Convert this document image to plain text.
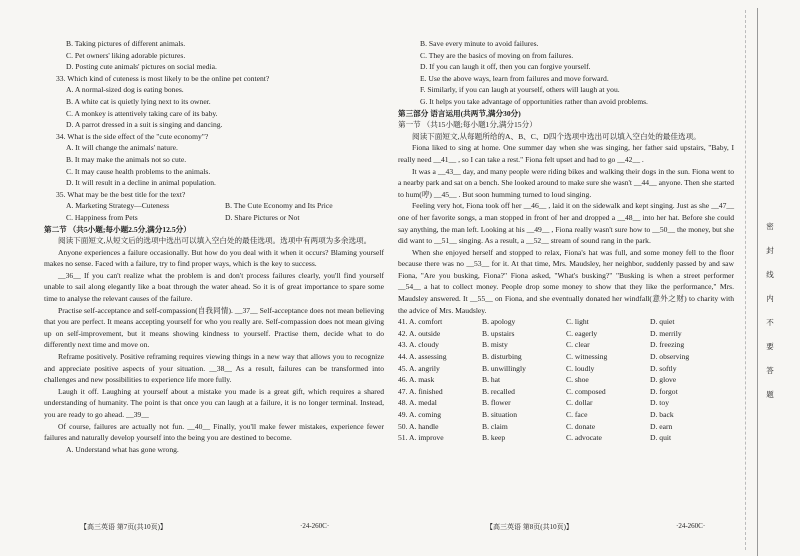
B. Taking pictures of different animals.
C. Pet owners' liking adorable pictures.
D. Posting cute animals' pictures on social media.
33. Which kind of cuteness is most likely to be the online pet content?
A. A normal-sized dog is eating bones.
B. A white cat is quietly lying next to its owner.
C. A monkey is attentively taking care of its baby.
D. A parrot dressed in a suit is singing and dancing.
34. What is the side effect of the "cute economy"?
A. It will change the animals' nature.
B. It may make the animals not so cute.
C. It may cause health problems to the animals.
D. It will result in a decline in animal population.
35. What may be the best title for the text?
A. Marketing Strategy—Cuteness	B. The Cute Economy and Its Price
C. Happiness from Pets	D. Share Pictures or Not
第二节 （共5小题;每小题2.5分,满分12.5分）
阅读下面短文,从短文后的选项中选出可以填入空白处的最佳选项。选项中有两项为多余选项。
Anyone experiences a failure occasionally. But how do you deal with it when it occurs? Blaming yourself makes no sense. Faced with a failure, try to find proper ways, which is the key to success.
__36__ If you can't realize what the problem is and don't process failures clearly, you'll find yourself unable to sail along elegantly like a boat through the water ahead. So it is of great importance to spare some time to analyse the relevant causes of the failure.
Practise self-acceptance and self-compassion(自我同情). __37__ Self-acceptance does not mean believing that you are perfect. It means accepting yourself for who you really are. Self-compassion does not mean giving up on self-improvement, but it means showing kindness to yourself. Practise them, decide what to do differently next time and move on.
Reframe positively. Positive reframing requires viewing things in a new way that allows you to recognize and appreciate positive aspects of your situation. __38__ As a result, failures can be transformed into challenges and new possibilities to experience life more fully.
Laugh it off. Laughing at yourself about a mistake you made is a great gift, which requires a shared understanding of humanity. The point is that once you can laugh at a failure, it is no longer terminal. Instead, you are ready to go ahead. __39__
Of course, failures are actually not fun. __40__ Finally, you'll make fewer mistakes, experience fewer failures and naturally develop yourself into the being you are destined to become.
A. Understand what has gone wrong.
B. Save every minute to avoid failures.
C. They are the basics of moving on from failures.
D. If you can laugh it off, then you can forgive yourself.
E. Use the above ways, learn from failures and move forward.
F. Similarly, if you can laugh at yourself, others will laugh at you.
G. It helps you take advantage of opportunities rather than avoid problems.
第三部分 语言运用(共两节,满分30分)
第一节 （共15小题;每小题1分,满分15分）
阅读下面短文,从每题所给的A、B、C、D四个选项中选出可以填入空白处的最佳选项。
Fiona liked to sing at home. One summer day when she was singing, her father said upstairs, "Baby, I really need __41__ , so I can take a rest." Fiona felt upset and had to go __42__ .
It was a __43__ day, and many people were riding bikes and walking their dogs in the sun. Fiona went to a nearby park and sat on a bench. She looked around to make sure she wasn't __44__ anyone. Then she started to hum(哼) __45__ . But soon humming turned to loud singing.
Feeling very hot, Fiona took off her __46__ , laid it on the sidewalk and kept singing. Just as she __47__ one of her favorite songs, a man stopped in front of her and dropped a __48__ into her hat. Before she could say anything, the man left. Looking at his __49__ , Fiona really wasn't sure how to __50__ the money, but she did want to __51__ singing. As a result, a __52__ stream of sound rang in the park.
When she enjoyed herself and stopped to relax, Fiona's hat was full, and some money fell to the floor because there was no __53__ for it. At that time, Mrs. Maudsley, her neighbor, suddenly passed by and saw Fiona, "Are you busking, Fiona?" Fiona asked, "What's busking?" "Busking is when a street performer __54__ a hat to collect money. People drop some money to show that they like the performance," Mrs. Maudsley answered. It __55__ on Fiona, and she eventually donated her windfall(意外之财) to charity with the advice of Mrs. Maudsley.
41. A. comfort	B. apology	C. light	D. quiet
42. A. outside	B. upstairs	C. eagerly	D. merrily
43. A. cloudy	B. misty	C. clear	D. freezing
44. A. assessing	B. disturbing	C. witnessing	D. observing
45. A. angrily	B. unwillingly	C. loudly	D. softly
46. A. mask	B. hat	C. shoe	D. glove
47. A. finished	B. recalled	C. composed	D. forgot
48. A. medal	B. flower	C. dollar	D. toy
49. A. coming	B. situation	C. face	D. back
50. A. handle	B. claim	C. donate	D. earn
51. A. improve	B. keep	C. advocate	D. quit
【高三英语 第7页(共10页)】	·24-260C·	【高三英语 第8页(共10页)】	·24-260C·
密
封
线
内
不
要
答
题
